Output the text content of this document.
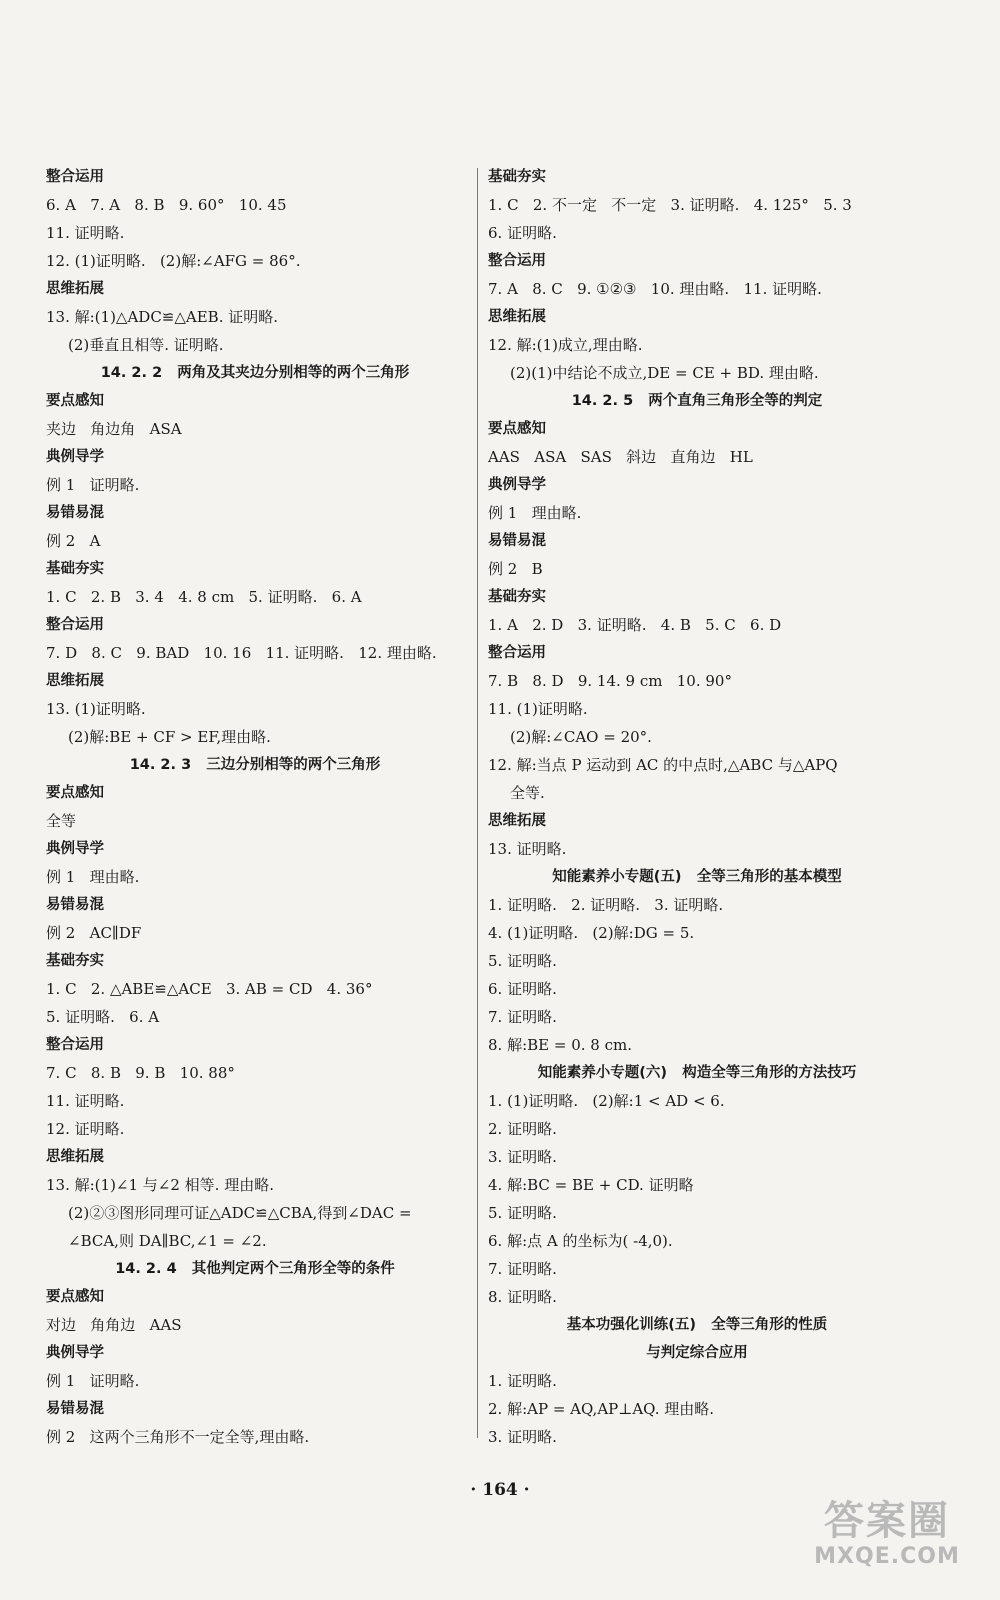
整合运用
6. A   7. A   8. B   9. 60°   10. 45
11. 证明略.
12. (1)证明略.   (2)解:∠AFG = 86°.
思维拓展
13. 解:(1)△ADC≌△AEB. 证明略.
(2)垂直且相等. 证明略.
14. 2. 2   两角及其夹边分别相等的两个三角形
要点感知
夹边   角边角   ASA
典例导学
例 1   证明略.
易错易混
例 2   A
基础夯实
1. C   2. B   3. 4   4. 8 cm   5. 证明略.   6. A
整合运用
7. D   8. C   9. BAD   10. 16   11. 证明略.   12. 理由略.
思维拓展
13. (1)证明略.
(2)解:BE + CF > EF,理由略.
14. 2. 3   三边分别相等的两个三角形
要点感知
全等
典例导学
例 1   理由略.
易错易混
例 2   AC∥DF
基础夯实
1. C   2. △ABE≌△ACE   3. AB = CD   4. 36°
5. 证明略.   6. A
整合运用
7. C   8. B   9. B   10. 88°
11. 证明略.
12. 证明略.
思维拓展
13. 解:(1)∠1 与∠2 相等. 理由略.
(2)②③图形同理可证△ADC≌△CBA,得到∠DAC =
∠BCA,则 DA∥BC,∠1 = ∠2.
14. 2. 4   其他判定两个三角形全等的条件
要点感知
对边   角角边   AAS
典例导学
例 1   证明略.
易错易混
例 2   这两个三角形不一定全等,理由略.
基础夯实
1. C   2. 不一定   不一定   3. 证明略.   4. 125°   5. 3
6. 证明略.
整合运用
7. A   8. C   9. ①②③   10. 理由略.   11. 证明略.
思维拓展
12. 解:(1)成立,理由略.
(2)(1)中结论不成立,DE = CE + BD. 理由略.
14. 2. 5   两个直角三角形全等的判定
要点感知
AAS   ASA   SAS   斜边   直角边   HL
典例导学
例 1   理由略.
易错易混
例 2   B
基础夯实
1. A   2. D   3. 证明略.   4. B   5. C   6. D
整合运用
7. B   8. D   9. 14. 9 cm   10. 90°
11. (1)证明略.
(2)解:∠CAO = 20°.
12. 解:当点 P 运动到 AC 的中点时,△ABC 与△APQ
全等.
思维拓展
13. 证明略.
知能素养小专题(五)   全等三角形的基本模型
1. 证明略.   2. 证明略.   3. 证明略.
4. (1)证明略.   (2)解:DG = 5.
5. 证明略.
6. 证明略.
7. 证明略.
8. 解:BE = 0. 8 cm.
知能素养小专题(六)   构造全等三角形的方法技巧
1. (1)证明略.   (2)解:1 < AD < 6.
2. 证明略.
3. 证明略.
4. 解:BC = BE + CD. 证明略
5. 证明略.
6. 解:点 A 的坐标为( -4,0).
7. 证明略.
8. 证明略.
基本功强化训练(五)   全等三角形的性质
与判定综合应用
1. 证明略.
2. 解:AP = AQ,AP⊥AQ. 理由略.
3. 证明略.
· 164 ·
答案圈
MXQE.COM
